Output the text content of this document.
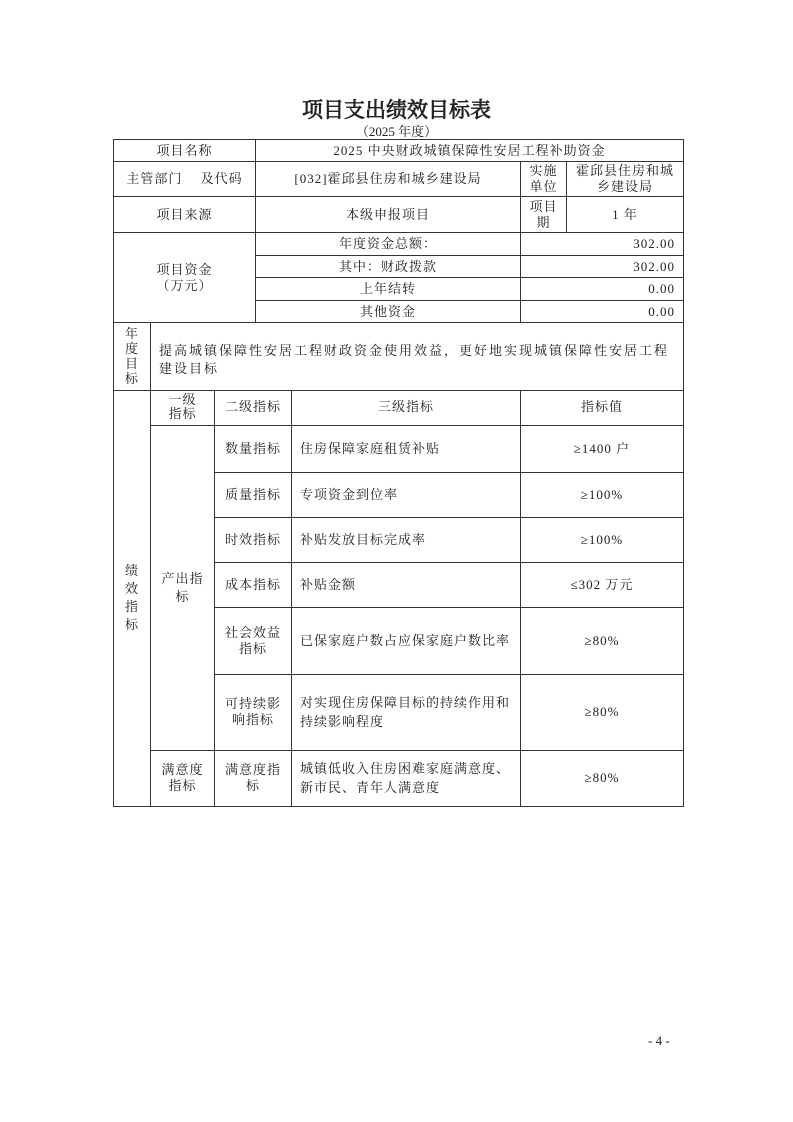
项目支出绩效目标表
（2025 年度）
项目名称	2025 中央财政城镇保障性安居工程补助资金		
主管部门　 及代码	[032]霍邱县住房和城乡建设局	实施单位	霍邱县住房和城乡建设局
项目来源	本级申报项目	项目期	1 年

项目资金
（万元）	年度资金总额：	302.00	
	其中：财政拨款	302.00	
	上年结转	0.00	
	其他资金	0.00	
年度目标
	提高城镇保障性安居工程财政资金使用效益，更好地实现城镇保障性安居工程建设目标
绩效指标	一级指标	二级指标	三级指标	指标值

	产出指标	数量指标	住房保障家庭租赁补贴	≥1400 户
		质量指标	专项资金到位率	≥100%
		时效指标	补贴发放目标完成率	≥100%
		成本指标	补贴金额	≤302 万元
		社会效益指标	已保家庭户数占应保家庭户数比率	≥80%
		可持续影响指标	对实现住房保障目标的持续作用和持续影响程度	≥80%
	满意度指标	满意度指标	城镇低收入住房困难家庭满意度、新市民、青年人满意度	≥80%
- 4 -
